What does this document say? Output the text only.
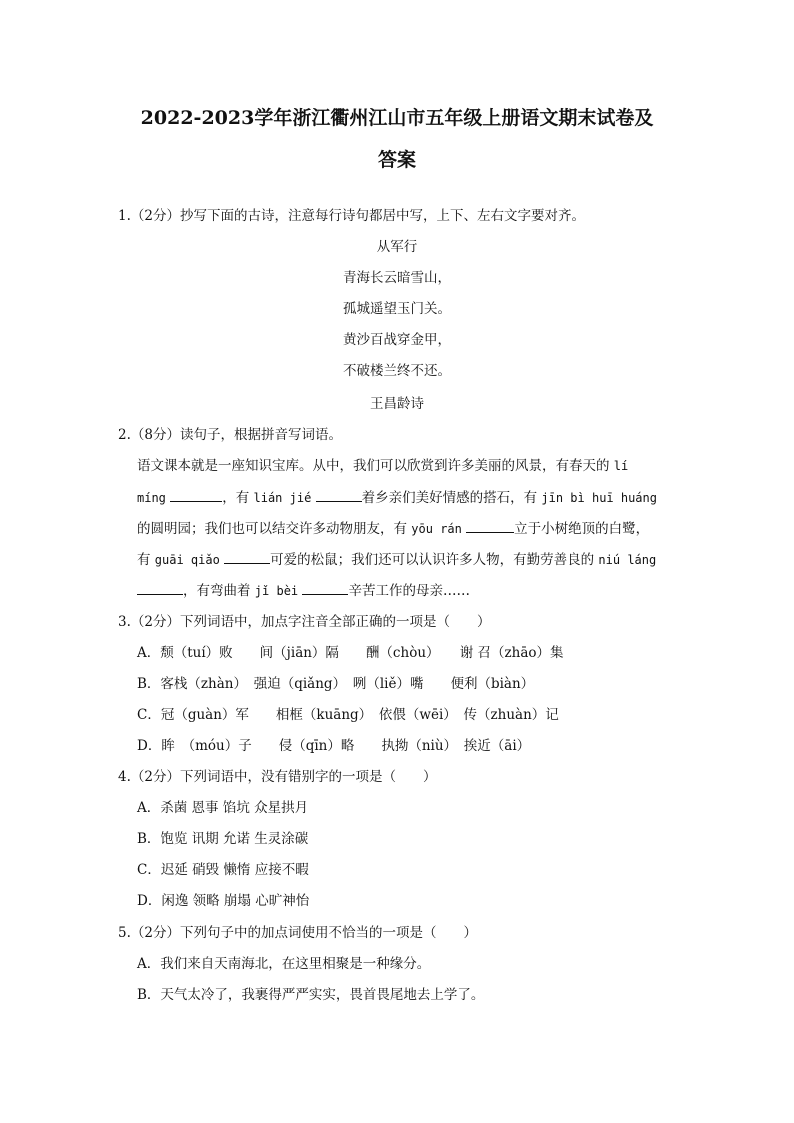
2022-2023学年浙江衢州江山市五年级上册语文期末试卷及
答案
1.（2分）抄写下面的古诗，注意每行诗句都居中写，上下、左右文字要对齐。
从军行
青海长云暗雪山，
孤城遥望玉门关。
黄沙百战穿金甲，
不破楼兰终不还。
王昌龄诗
2.（8分）读句子，根据拼音写词语。
语文课本就是一座知识宝库。从中，我们可以欣赏到许多美丽的风景，有春天的 lí
míng	，有 lián jié	着乡亲们美好情感的搭石，有 jīn bì huī huáng
的圆明园；我们也可以结交许多动物朋友，有 yōu rán	立于小树绝顶的白鹭，
有 guāi qiǎo	可爱的松鼠；我们还可以认识许多人物，有勤劳善良的 niú láng
，有弯曲着 jǐ bèi	辛苦工作的母亲……
3.（2分）下列词语中，加点字注音全部正确的一项是（　　）
A．颓（tuí）败　　间（jiān）隔　　酬（chòu）　　谢 召（zhāo）集
B．客栈（zhàn）　强迫（qiǎng）　咧（liě）嘴　　便利（biàn）
C．冠（guàn）军　　相框（kuāng）　依偎（wēi）　传（zhuàn）记
D．眸　（móu）子　　侵（qīn）略　　执拗（niù）　挨近（āi）
4.（2分）下列词语中，没有错别字的一项是（　　）
A．杀菌 恩事 馅坑 众星拱月
B．饱览 讯期 允诺 生灵涂碳
C．迟延 硝毁 懒惰 应接不暇
D．闲逸 领略 崩塌 心旷神怡
5.（2分）下列句子中的加点词使用不恰当的一项是（　　）
A．我们来自天南海北，在这里相聚是一种缘分。
B．天气太冷了，我裹得严严实实，畏首畏尾地去上学了。
